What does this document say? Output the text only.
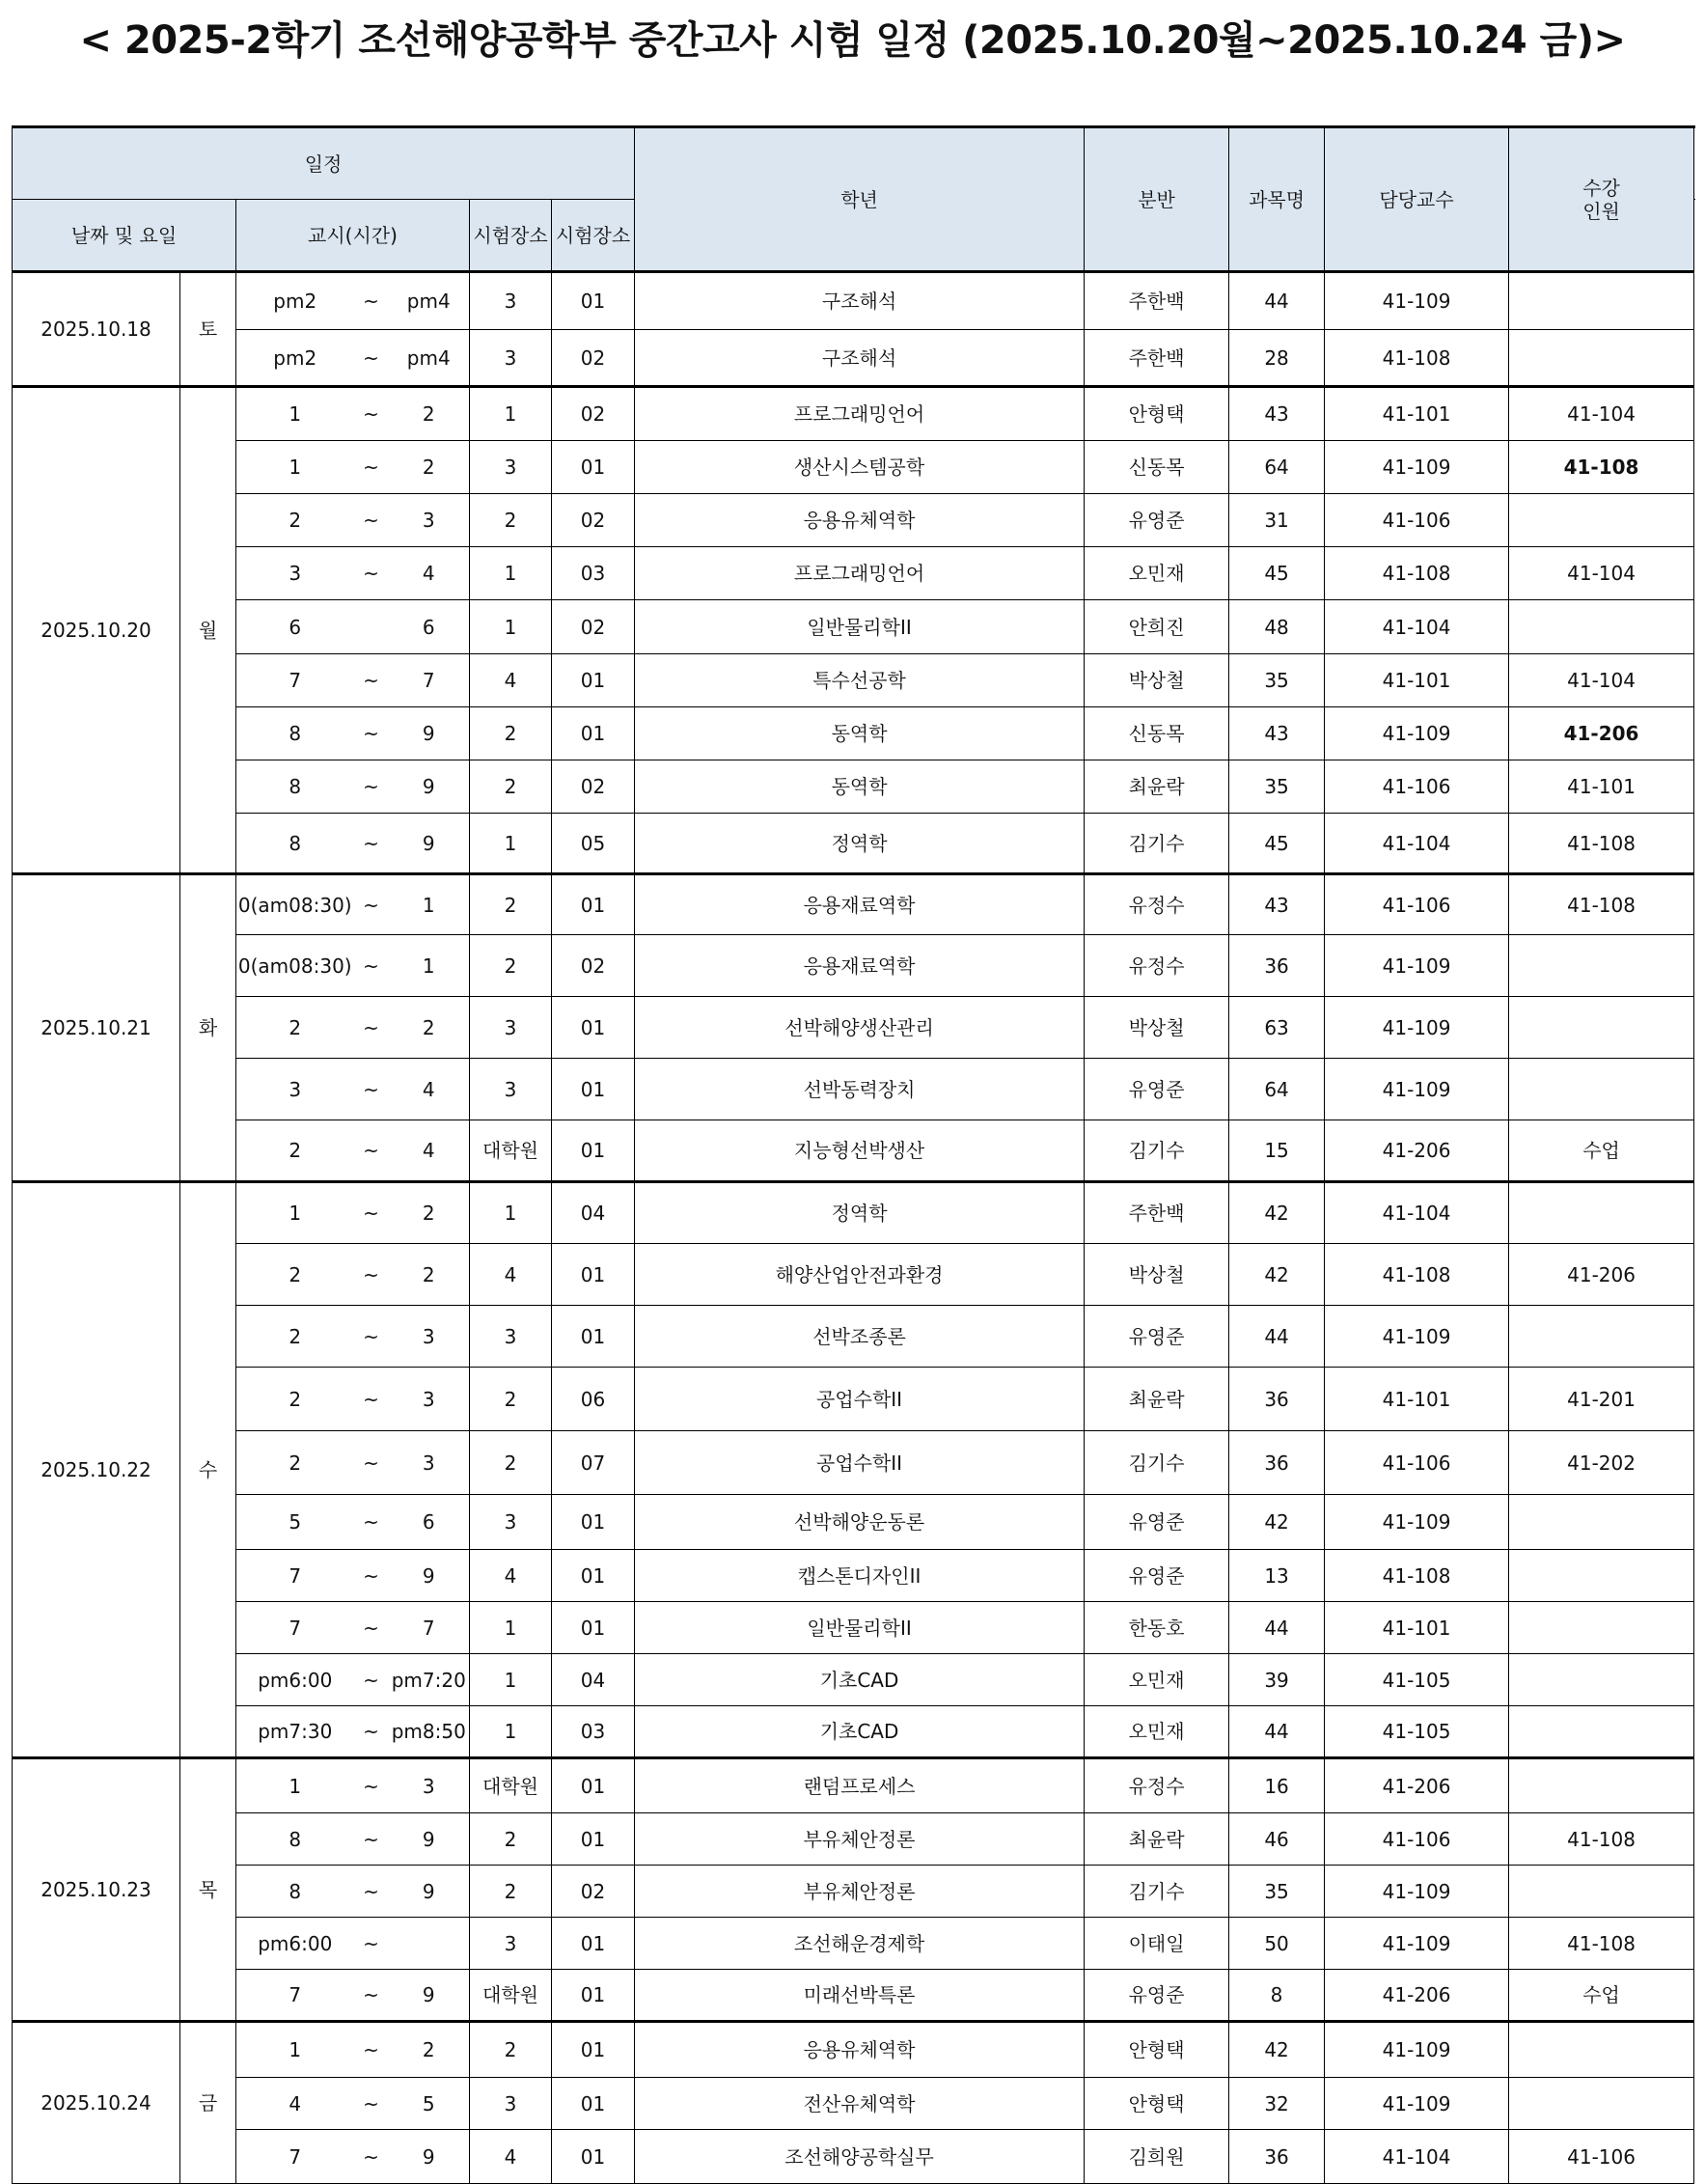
< 2025-2학기 조선해양공학부 중간고사 시험 일정 (2025.10.20월~2025.10.24 금)>
일정							학년	분반	과목명	담당교수	수강
인원	
날짜 및 요일		교시(시간)			시험장소	시험장소						
2025.10.18	토	pm2	~	pm4	3	01	구조해석	주한백	44	41-109		
		pm2	~	pm4	3	02	구조해석	주한백	28	41-108		
2025.10.20	월	1	~	2	1	02	프로그래밍언어	안형택	43	41-101	41-104	
		1	~	2	3	01	생산시스템공학	신동목	64	41-109	41-108	
		2	~	3	2	02	응용유체역학	유영준	31	41-106		
		3	~	4	1	03	프로그래밍언어	오민재	45	41-108	41-104	
		6		6	1	02	일반물리학II	안희진	48	41-104		
		7	~	7	4	01	특수선공학	박상철	35	41-101	41-104	
		8	~	9	2	01	동역학	신동목	43	41-109	41-206	
		8	~	9	2	02	동역학	최윤락	35	41-106	41-101	
		8	~	9	1	05	정역학	김기수	45	41-104	41-108	
2025.10.21	화	0(am08:30)	~	1	2	01	응용재료역학	유정수	43	41-106	41-108	
		0(am08:30)	~	1	2	02	응용재료역학	유정수	36	41-109		
		2	~	2	3	01	선박해양생산관리	박상철	63	41-109		
		3	~	4	3	01	선박동력장치	유영준	64	41-109		
		2	~	4	대학원	01	지능형선박생산	김기수	15	41-206	수업	
2025.10.22	수	1	~	2	1	04	정역학	주한백	42	41-104		
		2	~	2	4	01	해양산업안전과환경	박상철	42	41-108	41-206	
		2	~	3	3	01	선박조종론	유영준	44	41-109		
		2	~	3	2	06	공업수학II	최윤락	36	41-101	41-201	
		2	~	3	2	07	공업수학II	김기수	36	41-106	41-202	
		5	~	6	3	01	선박해양운동론	유영준	42	41-109		
		7	~	9	4	01	캡스톤디자인II	유영준	13	41-108		
		7	~	7	1	01	일반물리학II	한동호	44	41-101		
		pm6:00	~	pm7:20	1	04	기초CAD	오민재	39	41-105		
		pm7:30	~	pm8:50	1	03	기초CAD	오민재	44	41-105		
2025.10.23	목	1	~	3	대학원	01	랜덤프로세스	유정수	16	41-206		
		8	~	9	2	01	부유체안정론	최윤락	46	41-106	41-108	
		8	~	9	2	02	부유체안정론	김기수	35	41-109		
		pm6:00	~		3	01	조선해운경제학	이태일	50	41-109	41-108	
		7	~	9	대학원	01	미래선박특론	유영준	8	41-206	수업	
2025.10.24	금	1	~	2	2	01	응용유체역학	안형택	42	41-109		
		4	~	5	3	01	전산유체역학	안형택	32	41-109		
		7	~	9	4	01	조선해양공학실무	김희원	36	41-104	41-106	
